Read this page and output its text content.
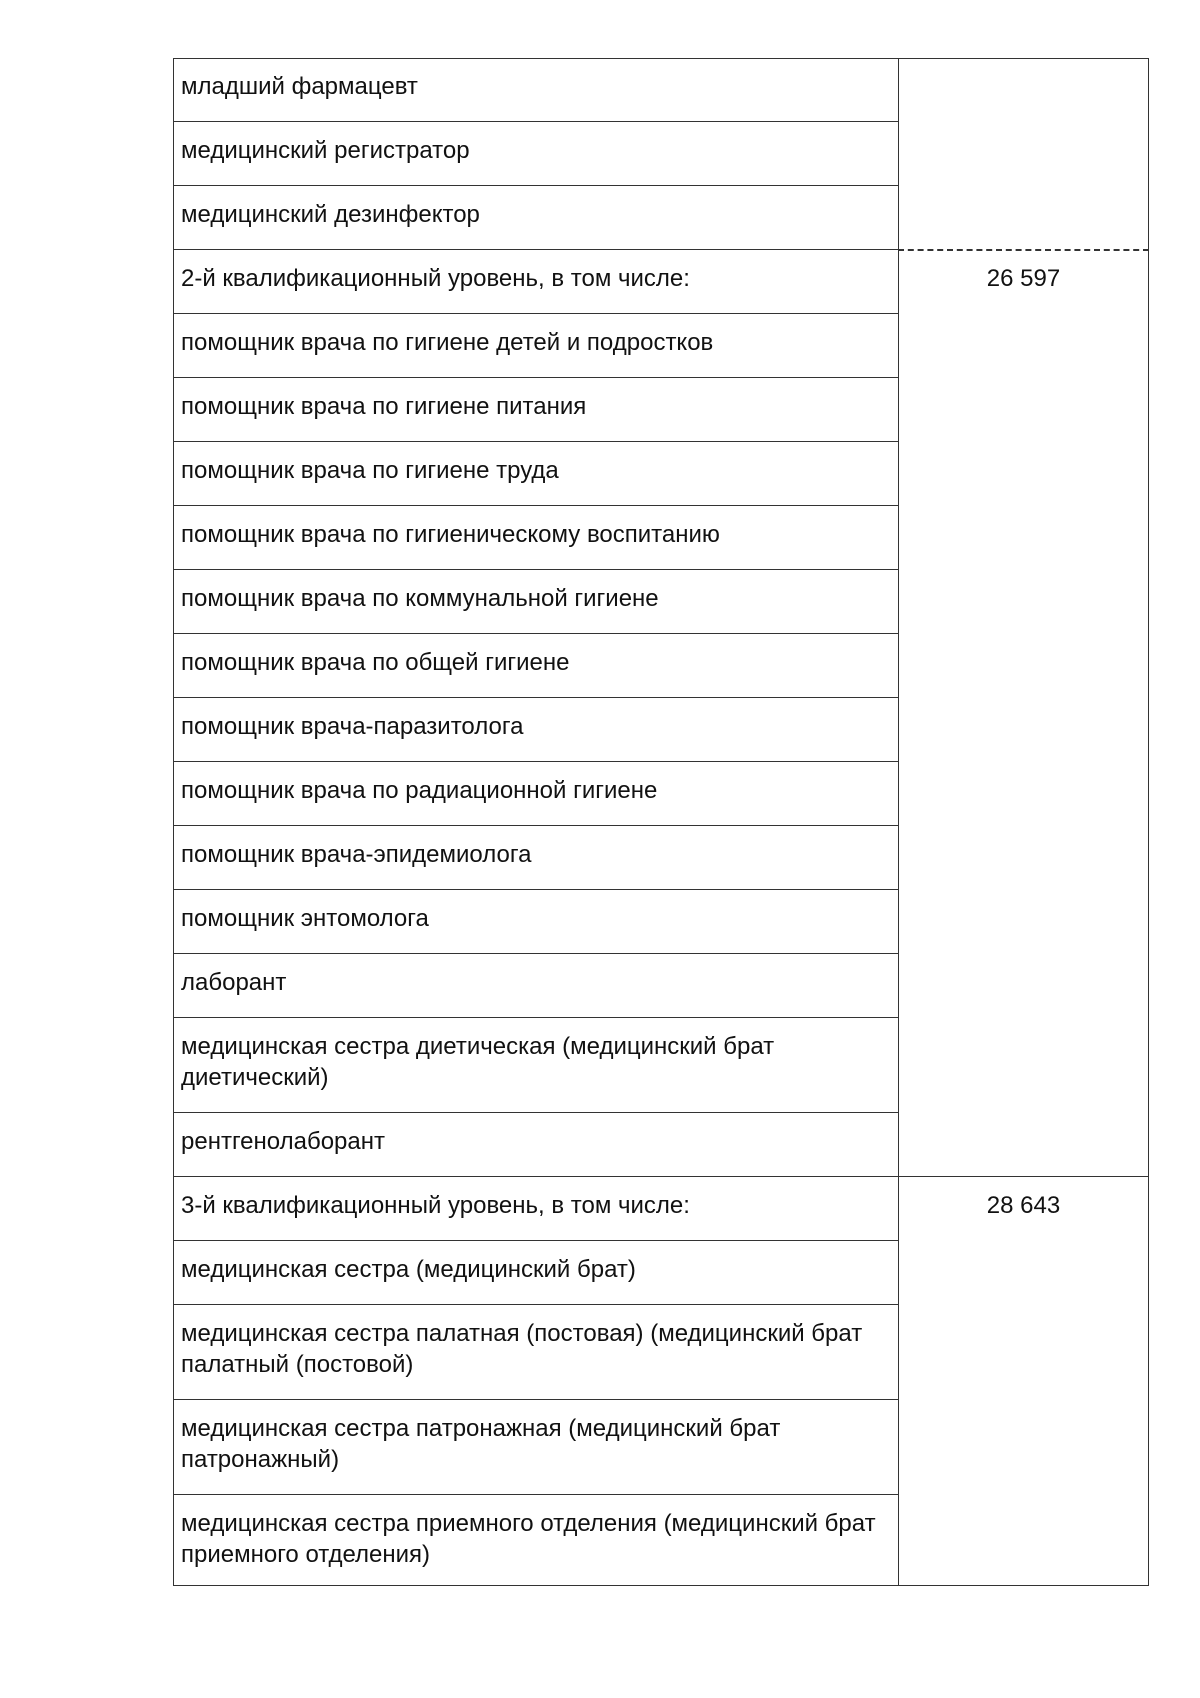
младший фармацевт
медицинский регистратор
медицинский дезинфектор
2-й квалификационный уровень, в том числе:
помощник врача по гигиене детей и подростков
помощник врача по гигиене питания
помощник врача по гигиене труда
помощник врача по гигиеническому воспитанию
помощник врача по коммунальной гигиене
помощник врача по общей гигиене
помощник врача-паразитолога
помощник врача по радиационной гигиене
помощник врача-эпидемиолога
помощник энтомолога
лаборант
медицинская сестра диетическая (медицинский брат диетический)
рентгенолаборант
3-й квалификационный уровень, в том числе:
медицинская сестра (медицинский брат)
медицинская сестра палатная (постовая) (медицинский брат палатный (постовой)
медицинская сестра патронажная (медицинский брат патронажный)
медицинская сестра приемного отделения (медицинский брат приемного отделения)
26 597
28 643
